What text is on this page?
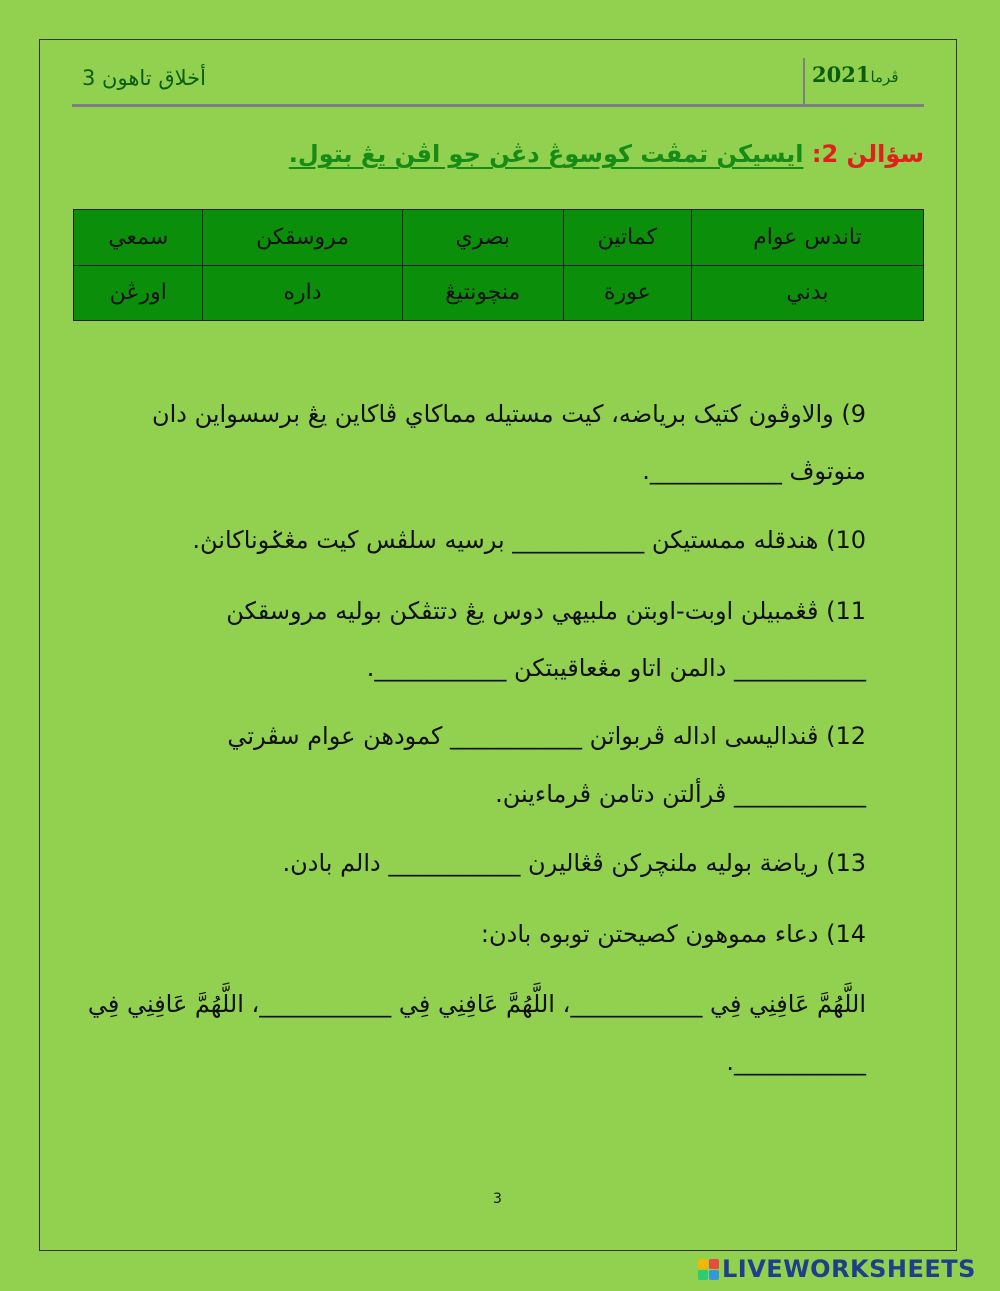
ڤرما2021
أخلاق تاهون 3
سؤالن 2: ايسيكن تمڤت كوسوڠ دڠن جو اڤن يڠ بتول.
تاندس عوام	كماتين	بصري	مروسقكن	سمعي
بدني	عورة	منچونتيڠ	داره	اورڠن
9) والاوڤون كتيک برياضه، كيت مستيله مماكاي ڤاكاين يڠ برسسواين دان
منوتوڤ ___________.
10) هندقله ممستيكن ___________ برسيه سلڤس كيت مڠݢوناكانڽ.
11) ڤڠمبيلن اوبت-اوبتن ملبيهي دوس يڠ دتتڤكن بوليه مروسقكن
___________ دالمن اتاو مڠعاقيبتكن ___________.
12) ڤنداليسى اداله ڤربواتن ___________ كمودهن عوام سڤرتي
___________ ڤرألتن دتامن ڤرماءينن.
13) رياضة بوليه ملنچركن ڤڠاليرن ___________ دالم بادن.
14) دعاء مموهون كصيحتن توبوه بادن:
اللَّهُمَّ عَافِنِي فِي ___________، اللَّهُمَّ عَافِنِي فِي ___________، اللَّهُمَّ عَافِنِي فِي
___________.
3
LIVEWORKSHEETS
